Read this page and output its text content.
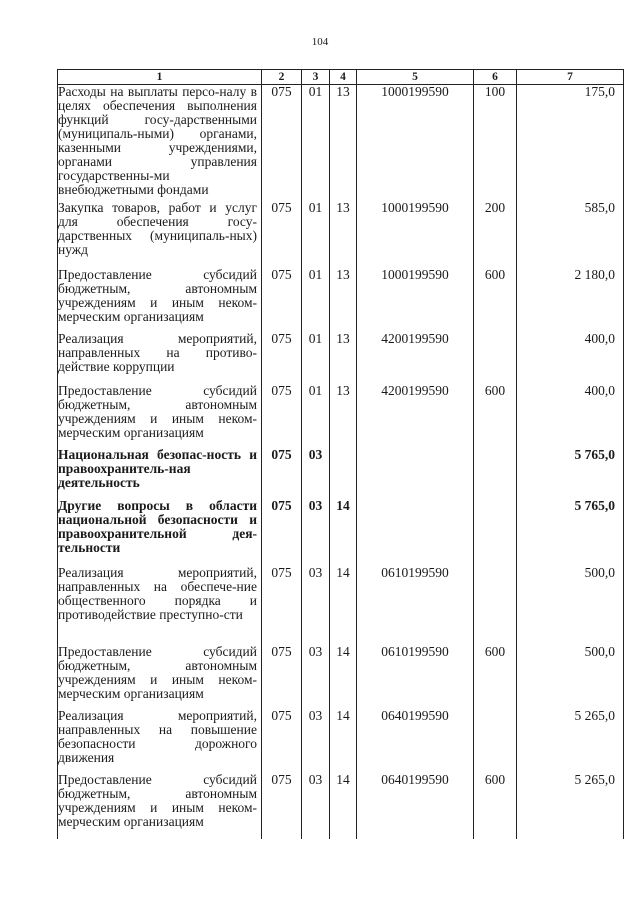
104
1	2	3	4	5	6	7
Расходы на выплаты персо-налу в целях обеспечения выполнения функций госу-дарственными (муниципаль-ными) органами, казенными учреждениями, органами управления государственны-ми внебюджетными фондами	075	01	13	1000199590	100	175,0
Закупка товаров, работ и услуг для обеспечения госу-дарственных (муниципаль-ных) нужд	075	01	13	1000199590	200	585,0
Предоставление субсидий бюджетным, автономным учреждениям и иным неком-мерческим организациям	075	01	13	1000199590	600	2 180,0
Реализация мероприятий, направленных на противо-действие коррупции	075	01	13	4200199590		400,0
Предоставление субсидий бюджетным, автономным учреждениям и иным неком-мерческим организациям	075	01	13	4200199590	600	400,0
Национальная безопас-ность и правоохранитель-ная деятельность	075	03				5 765,0
Другие вопросы в области национальной безопасности и правоохранительной дея-тельности	075	03	14			5 765,0
Реализация мероприятий, направленных на обеспече-ние общественного порядка и противодействие преступно-сти	075	03	14	0610199590		500,0
Предоставление субсидий бюджетным, автономным учреждениям и иным неком-мерческим организациям	075	03	14	0610199590	600	500,0
Реализация мероприятий, направленных на повышение безопасности дорожного движения	075	03	14	0640199590		5 265,0
Предоставление субсидий бюджетным, автономным учреждениям и иным неком-мерческим организациям	075	03	14	0640199590	600	5 265,0
